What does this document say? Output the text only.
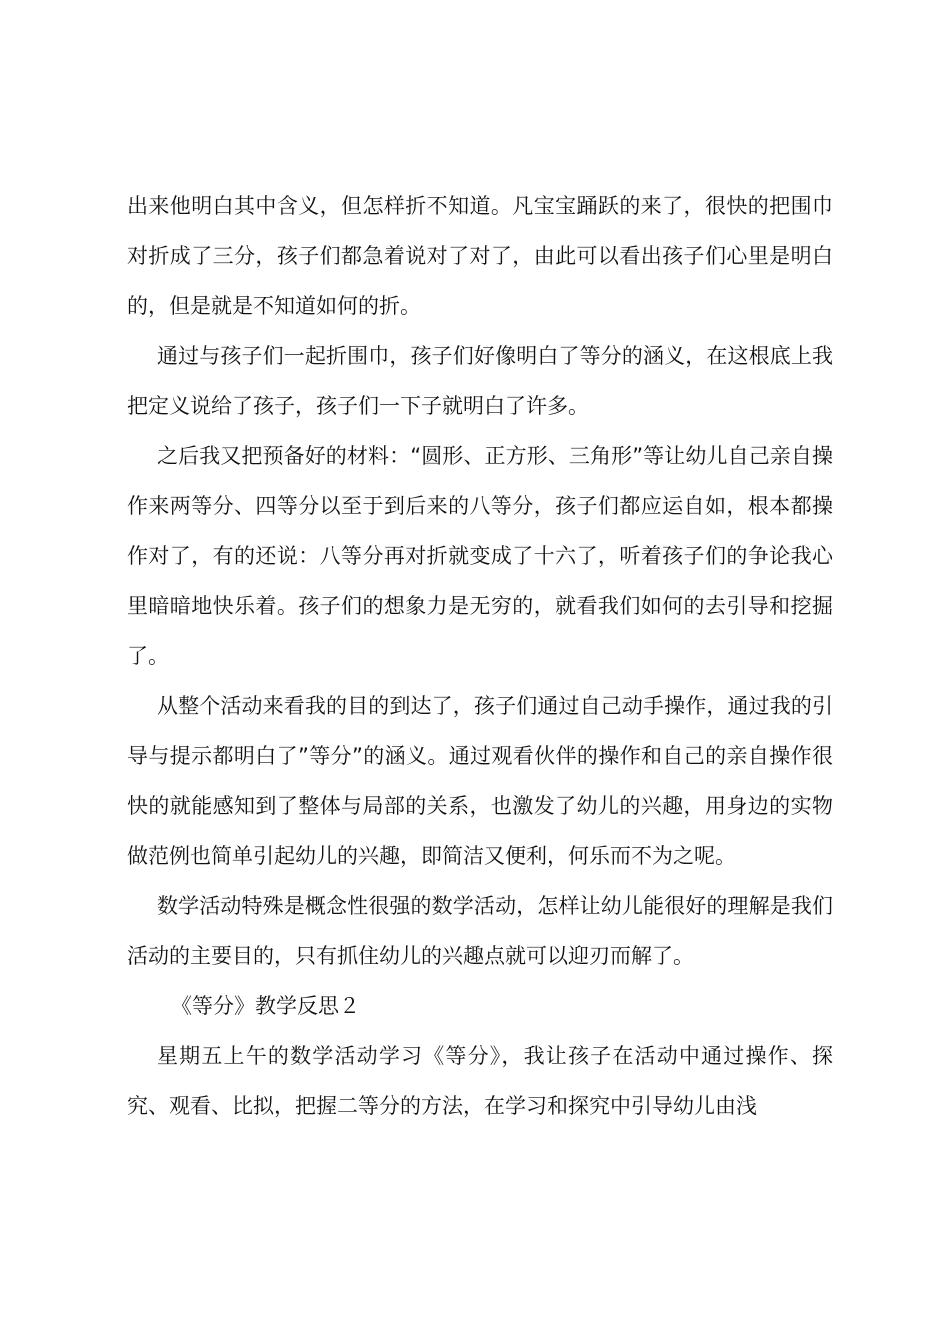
出来他明白其中含义，但怎样折不知道。凡宝宝踊跃的来了，很快的把围巾对折成了三分，孩子们都急着说对了对了，由此可以看出孩子们心里是明白的，但是就是不知道如何的折。

通过与孩子们一起折围巾，孩子们好像明白了等分的涵义，在这根底上我把定义说给了孩子，孩子们一下子就明白了许多。

之后我又把预备好的材料：“圆形、正方形、三角形”等让幼儿自己亲自操作来两等分、四等分以至于到后来的八等分，孩子们都应运自如，根本都操作对了，有的还说：八等分再对折就变成了十六了，听着孩子们的争论我心里暗暗地快乐着。孩子们的想象力是无穷的，就看我们如何的去引导和挖掘了。

从整个活动来看我的目的到达了，孩子们通过自己动手操作，通过我的引导与提示都明白了”等分”的涵义。通过观看伙伴的操作和自己的亲自操作很快的就能感知到了整体与局部的关系，也激发了幼儿的兴趣，用身边的实物做范例也简单引起幼儿的兴趣，即简洁又便利，何乐而不为之呢。

数学活动特殊是概念性很强的数学活动，怎样让幼儿能很好的理解是我们活动的主要目的，只有抓住幼儿的兴趣点就可以迎刃而解了。

《等分》教学反思２

星期五上午的数学活动学习《等分》，我让孩子在活动中通过操作、探究、观看、比拟，把握二等分的方法，在学习和探究中引导幼儿由浅
